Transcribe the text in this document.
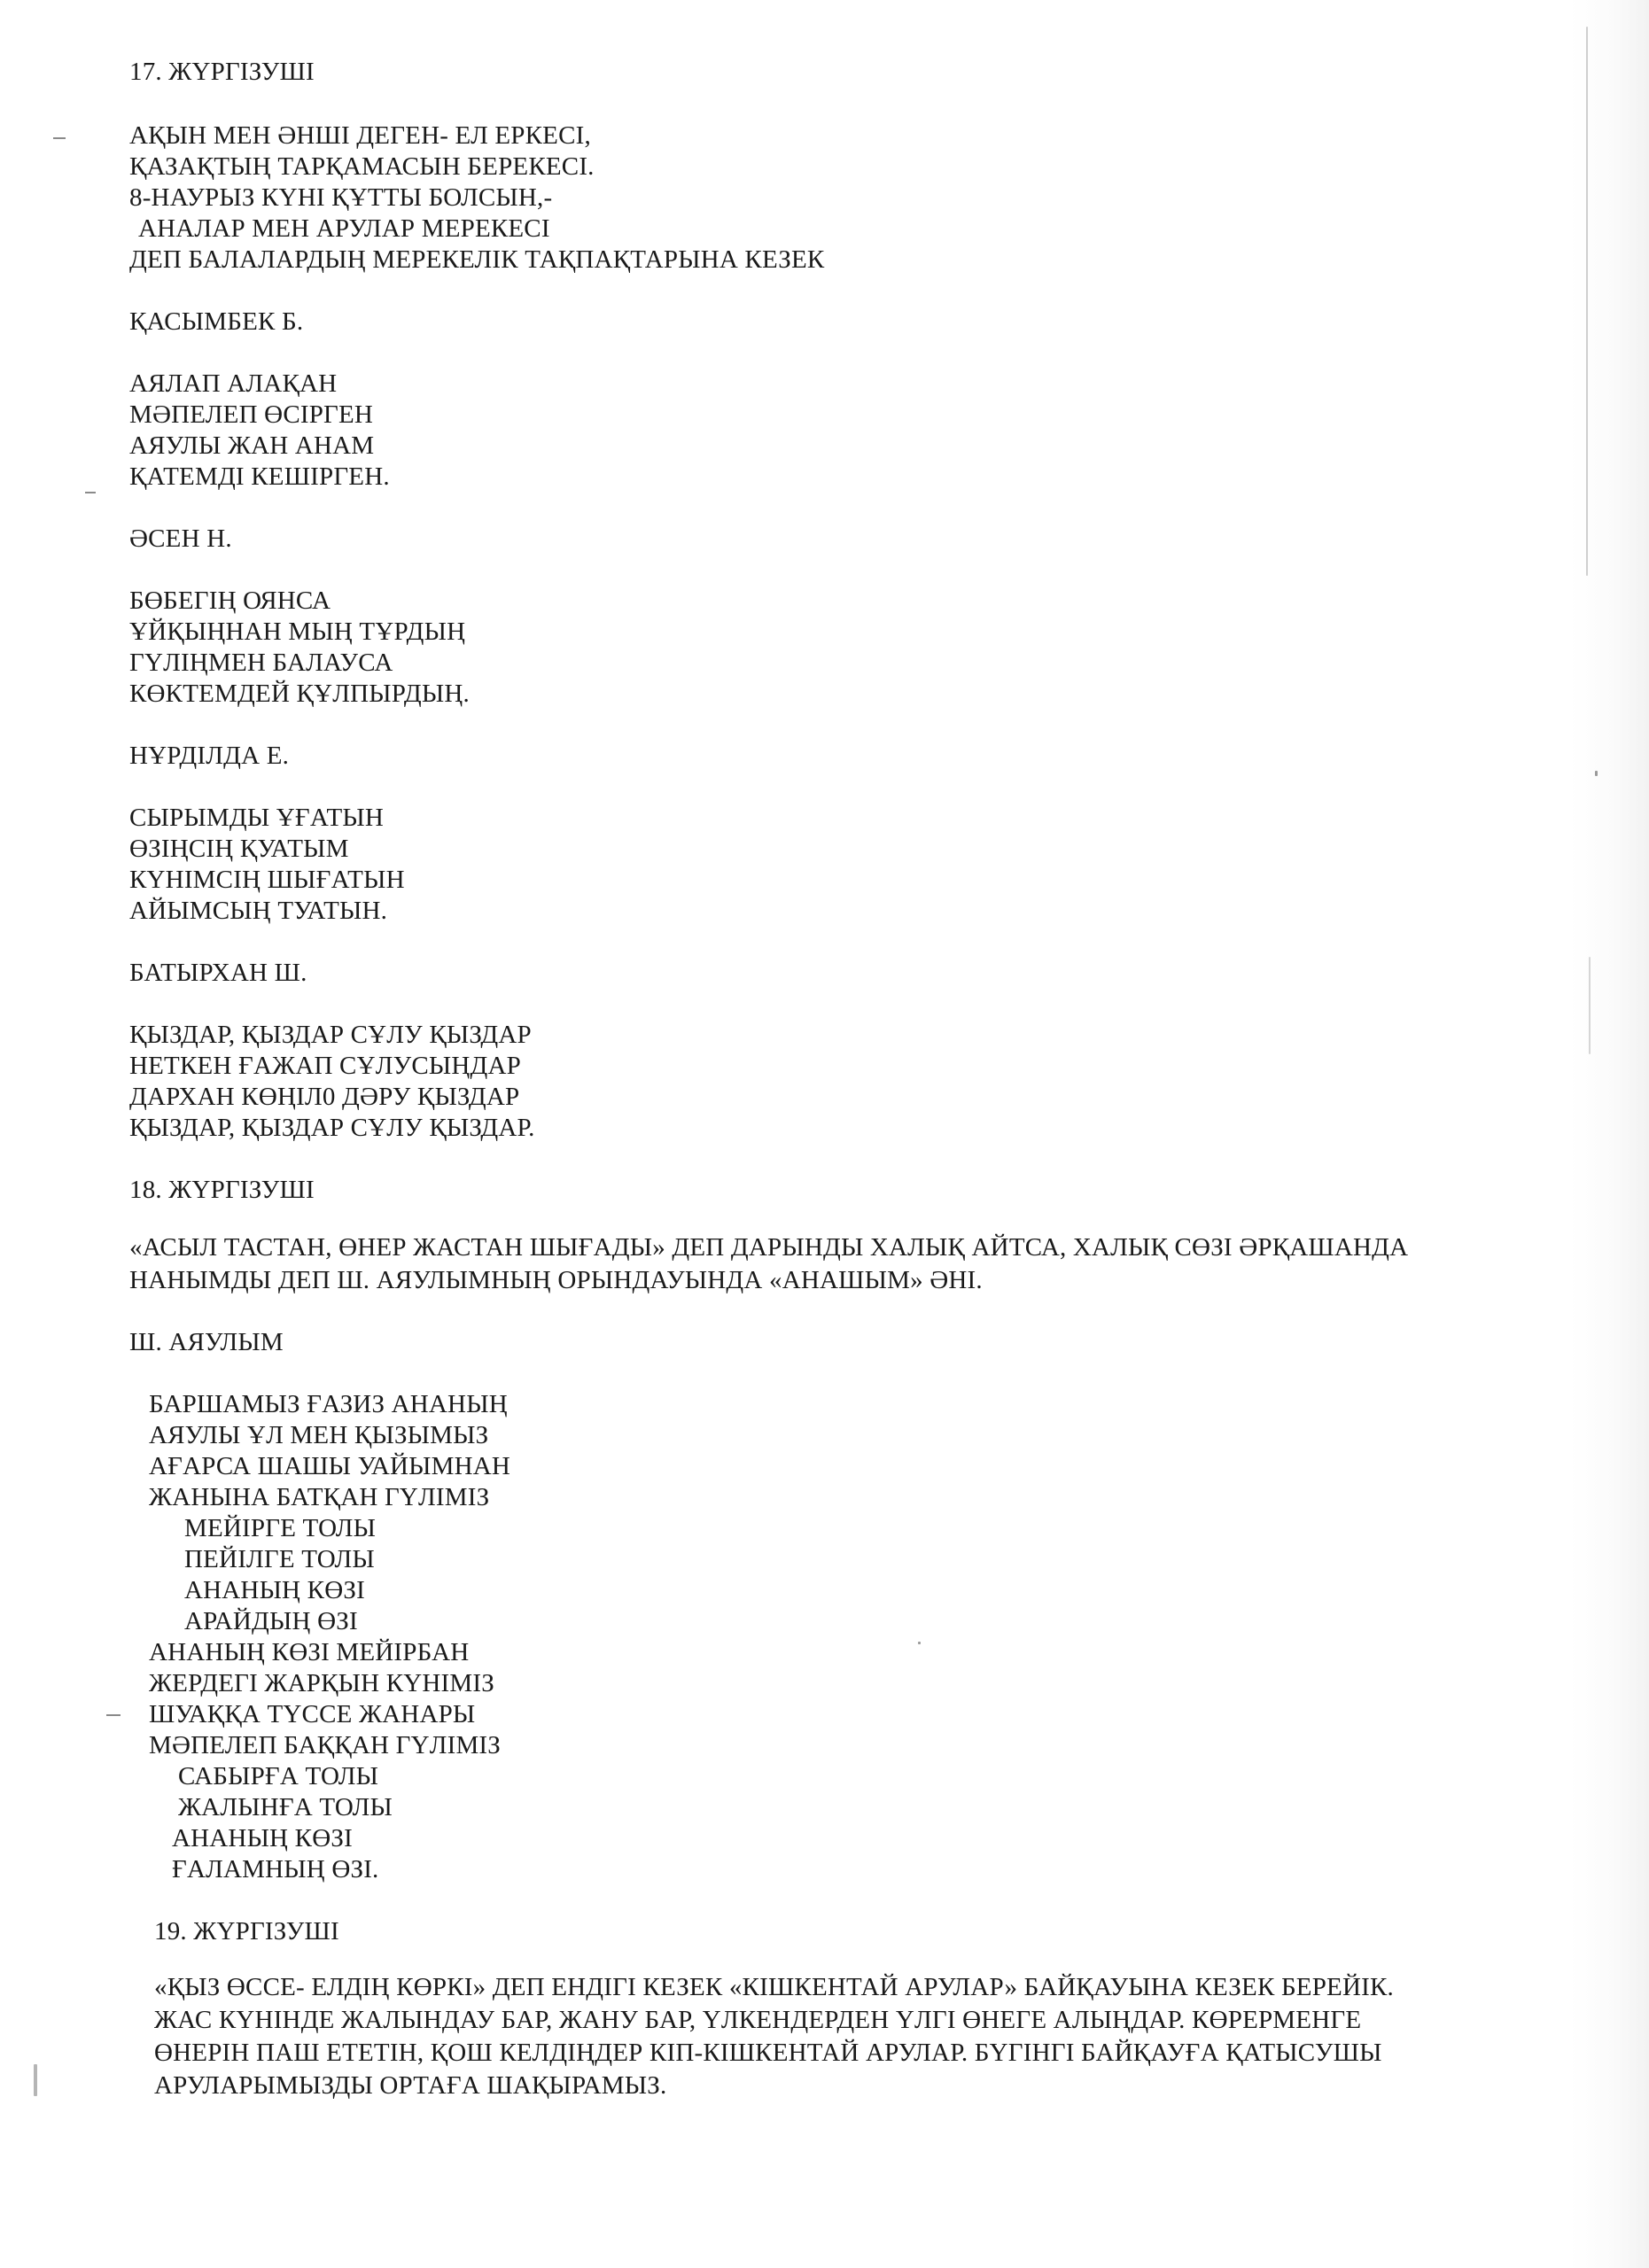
17. ЖҮРГІЗУШІ
АҚЫН МЕН ӘНШІ ДЕГЕН- ЕЛ ЕРКЕСІ,
ҚАЗАҚТЫҢ ТАРҚАМАСЫН БЕРЕКЕСІ.
8-НАУРЫЗ КҮНІ ҚҰТТЫ БОЛСЫН,-
АНАЛАР МЕН АРУЛАР МЕРЕКЕСІ
ДЕП БАЛАЛАРДЫҢ МЕРЕКЕЛІК ТАҚПАҚТАРЫНА КЕЗЕК
ҚАСЫМБЕК Б.
АЯЛАП АЛАҚАН
МӘПЕЛЕП ӨСІРГЕН
АЯУЛЫ ЖАН АНАМ
ҚАТЕМДІ КЕШІРГЕН.
ӘСЕН Н.
БӨБЕГІҢ ОЯНСА
ҰЙҚЫҢНАН МЫҢ ТҰРДЫҢ
ГҮЛІҢМЕН БАЛАУСА
КӨКТЕМДЕЙ ҚҰЛПЫРДЫҢ.
НҰРДІЛДА Е.
СЫРЫМДЫ ҰҒАТЫН
ӨЗІҢСІҢ ҚУАТЫМ
КҮНІМСІҢ ШЫҒАТЫН
АЙЫМСЫҢ ТУАТЫН.
БАТЫРХАН Ш.
ҚЫЗДАР, ҚЫЗДАР СҰЛУ ҚЫЗДАР
НЕТКЕН ҒАЖАП СҰЛУСЫҢДАР
ДАРХАН КӨҢІЛ0 ДӘРУ ҚЫЗДАР
ҚЫЗДАР, ҚЫЗДАР СҰЛУ ҚЫЗДАР.
18. ЖҮРГІЗУШІ
«АСЫЛ ТАСТАН, ӨНЕР ЖАСТАН ШЫҒАДЫ» ДЕП ДАРЫНДЫ ХАЛЫҚ АЙТСА, ХАЛЫҚ СӨЗІ ӘРҚАШАНДА
НАНЫМДЫ ДЕП Ш. АЯУЛЫМНЫҢ ОРЫНДАУЫНДА «АНАШЫМ» ӘНІ.
Ш. АЯУЛЫМ
БАРШАМЫЗ ҒАЗИЗ АНАНЫҢ
АЯУЛЫ ҰЛ МЕН ҚЫЗЫМЫЗ
АҒАРСА ШАШЫ УАЙЫМНАН
ЖАНЫНА БАТҚАН ГҮЛІМІЗ
МЕЙІРГЕ ТОЛЫ
ПЕЙІЛГЕ ТОЛЫ
АНАНЫҢ КӨЗІ
АРАЙДЫҢ ӨЗІ
АНАНЫҢ КӨЗІ МЕЙІРБАН
ЖЕРДЕГІ ЖАРҚЫН КҮНІМІЗ
ШУАҚҚА ТҮССЕ ЖАНАРЫ
МӘПЕЛЕП БАҚҚАН ГҮЛІМІЗ
САБЫРҒА ТОЛЫ
ЖАЛЫНҒА ТОЛЫ
АНАНЫҢ КӨЗІ
ҒАЛАМНЫҢ ӨЗІ.
19. ЖҮРГІЗУШІ
«ҚЫЗ ӨССЕ- ЕЛДІҢ КӨРКІ» ДЕП ЕНДІГІ КЕЗЕК «КІШКЕНТАЙ АРУЛАР» БАЙҚАУЫНА КЕЗЕК БЕРЕЙІК.
ЖАС КҮНІНДЕ ЖАЛЫНДАУ БАР, ЖАНУ БАР, ҮЛКЕНДЕРДЕН ҮЛГІ ӨНЕГЕ АЛЫҢДАР. КӨРЕРМЕНГЕ
ӨНЕРІН ПАШ ЕТЕТІН, ҚОШ КЕЛДІҢДЕР КІП-КІШКЕНТАЙ АРУЛАР. БҮГІНГІ БАЙҚАУҒА ҚАТЫСУШЫ
АРУЛАРЫМЫЗДЫ ОРТАҒА ШАҚЫРАМЫЗ.
